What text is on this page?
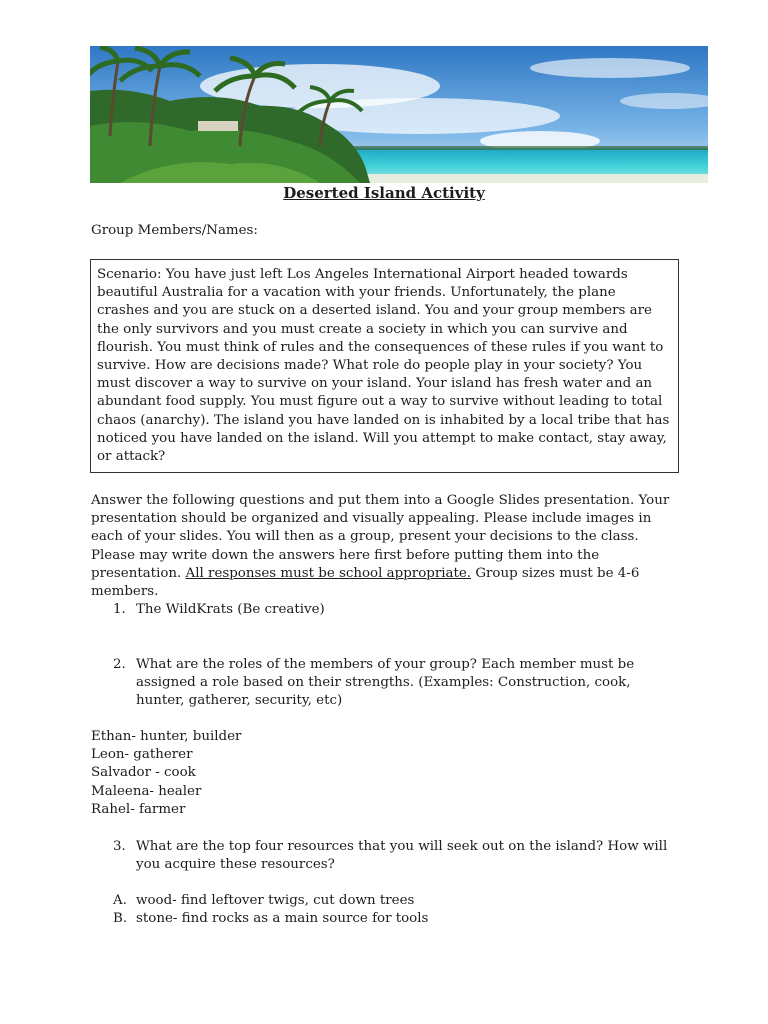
Deserted Island Activity
Group Members/Names:
Scenario: You have just left Los Angeles International Airport headed towards beautiful Australia for a vacation with your friends. Unfortunately, the plane crashes and you are stuck on a deserted island. You and your group members are the only survivors and you must create a society in which you can survive and flourish. You must think of rules and the consequences of these rules if you want to survive. How are decisions made? What role do people play in your society? You must discover a way to survive on your island. Your island has fresh water and an abundant food supply. You must figure out a way to survive without leading to total chaos (anarchy). The island you have landed on is inhabited by a local tribe that has noticed you have landed on the island. Will you attempt to make contact, stay away, or attack?

Answer the following questions and put them into a Google Slides presentation. Your presentation should be organized and visually appealing. Please include images in each of your slides. You will then as a group, present your decisions to the class. Please may write down the answers here first before putting them into the presentation. All responses must be school appropriate. Group sizes must be 4-6 members.

1. The WildKrats (Be creative)
2. What are the roles of the members of your group? Each member must be assigned a role based on their strengths. (Examples: Construction, cook, hunter, gatherer, security, etc)
Ethan- hunter, builder
Leon- gatherer
Salvador - cook
Maleena- healer
Rahel- farmer
3. What are the top four resources that you will seek out on the island? How will you acquire these resources?
A. wood- find leftover twigs, cut down trees
B. stone- find rocks as a main source for tools
